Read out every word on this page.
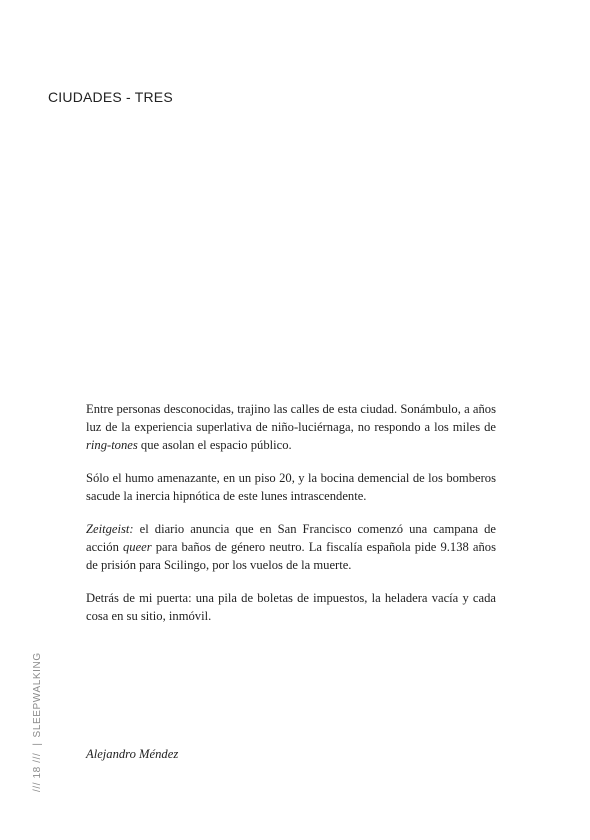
CIUDADES - TRES

Entre personas desconocidas, trajino las calles de esta ciudad. Sonámbulo, a años luz de la experiencia superlativa de niño-luciérnaga, no respondo a los miles de ring-tones que asolan el espacio público.

Sólo el humo amenazante, en un piso 20, y la bocina demencial de los bomberos sacude la inercia hipnótica de este lunes intrascendente.

Zeitgeist: el diario anuncia que en San Francisco comenzó una campana de acción queer para baños de género neutro. La fiscalía española pide 9.138 años de prisión para Scilingo, por los vuelos de la muerte.

Detrás de mi puerta: una pila de boletas de impuestos, la heladera vacía y cada cosa en su sitio, inmóvil.

Alejandro Méndez
/// 18 ///|SLEEPWALKING
